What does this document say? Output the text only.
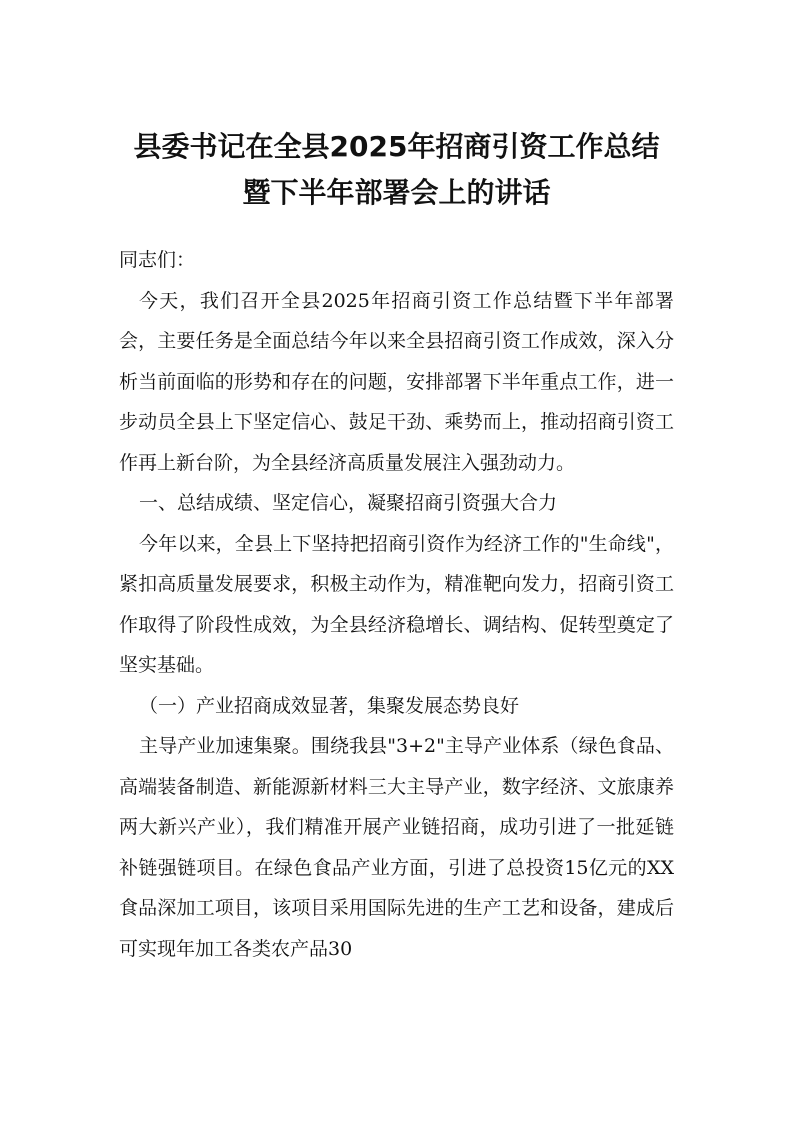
县委书记在全县2025年招商引资工作总结
暨下半年部署会上的讲话

同志们：

今天，我们召开全县2025年招商引资工作总结暨下半年部署会，主要任务是全面总结今年以来全县招商引资工作成效，深入分析当前面临的形势和存在的问题，安排部署下半年重点工作，进一步动员全县上下坚定信心、鼓足干劲、乘势而上，推动招商引资工作再上新台阶，为全县经济高质量发展注入强劲动力。

一、总结成绩、坚定信心，凝聚招商引资强大合力

今年以来，全县上下坚持把招商引资作为经济工作的"生命线"，紧扣高质量发展要求，积极主动作为，精准靶向发力，招商引资工作取得了阶段性成效，为全县经济稳增长、调结构、促转型奠定了坚实基础。

（一）产业招商成效显著，集聚发展态势良好

主导产业加速集聚。围绕我县"3+2"主导产业体系（绿色食品、高端装备制造、新能源新材料三大主导产业，数字经济、文旅康养两大新兴产业），我们精准开展产业链招商，成功引进了一批延链补链强链项目。在绿色食品产业方面，引进了总投资15亿元的XX食品深加工项目，该项目采用国际先进的生产工艺和设备，建成后可实现年加工各类农产品30
